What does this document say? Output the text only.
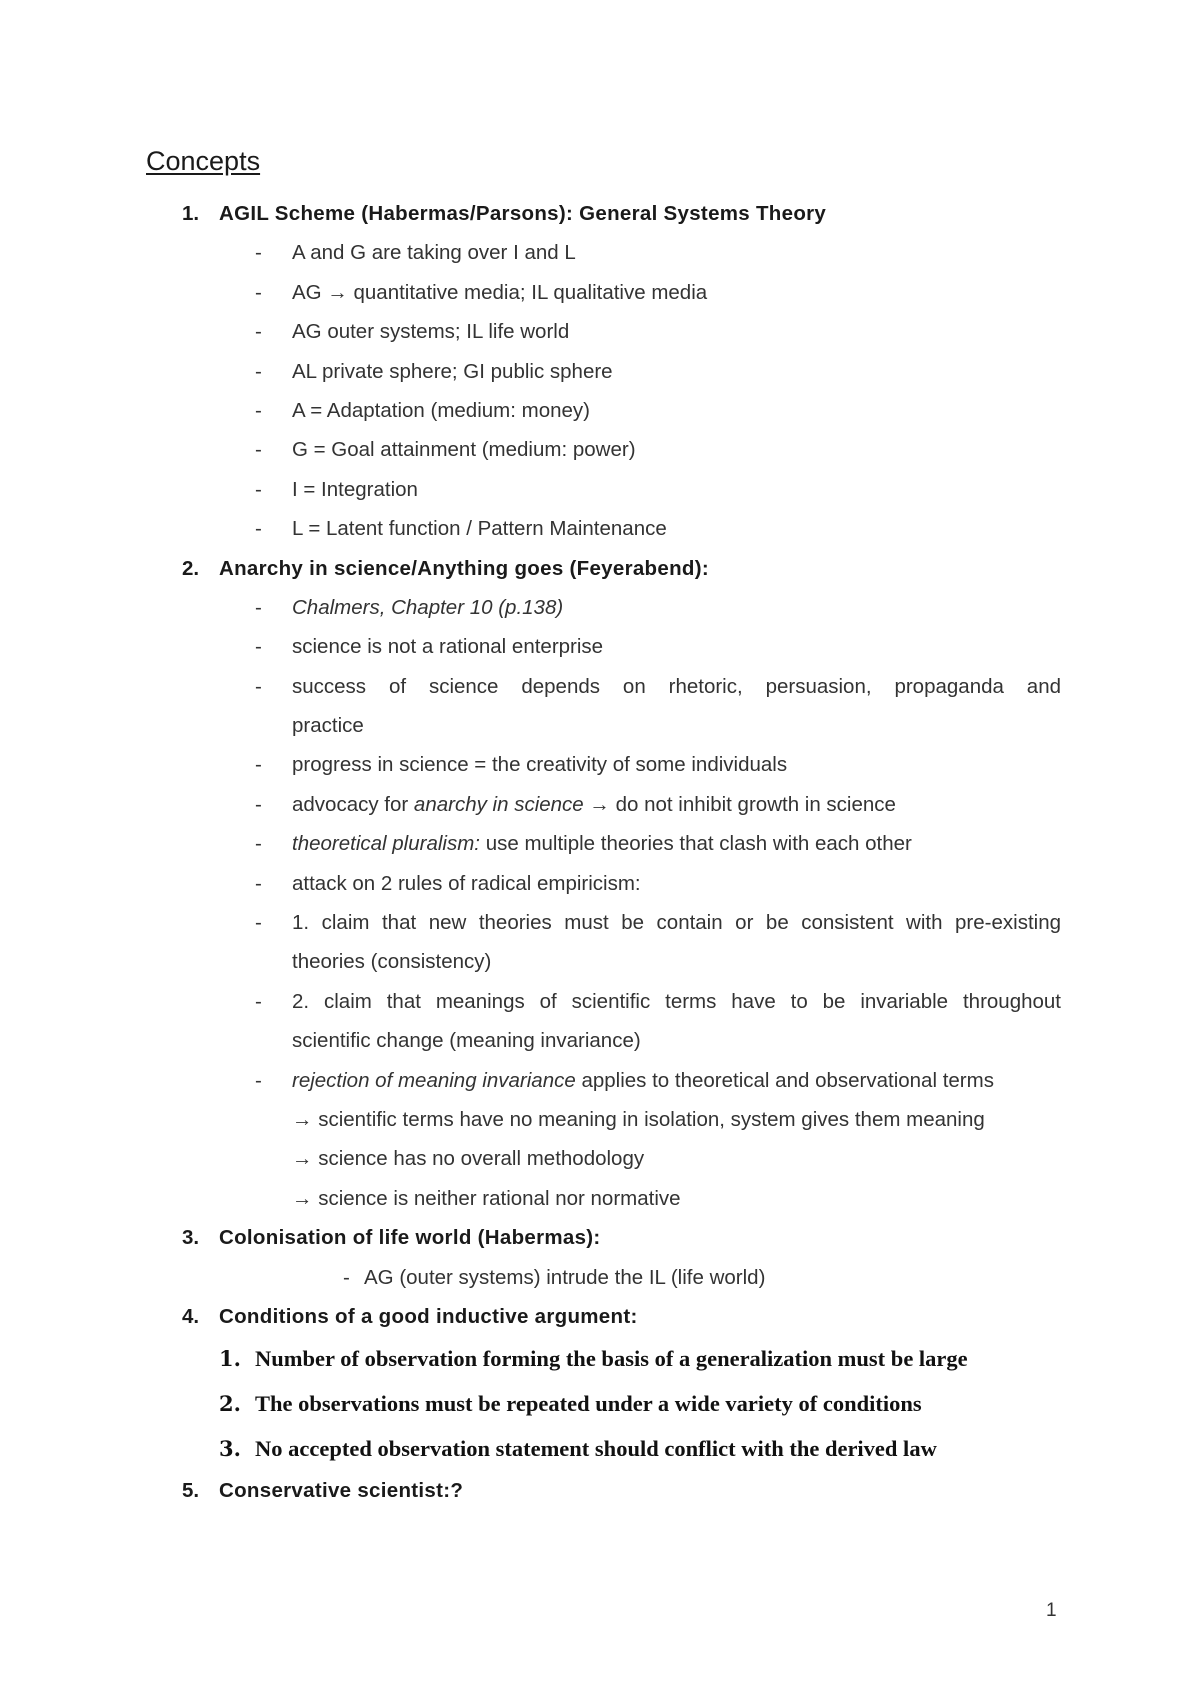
Concepts
1. AGIL Scheme (Habermas/Parsons): General Systems Theory
- A and G are taking over I and L
- AG → quantitative media; IL qualitative media
- AG outer systems; IL life world
- AL private sphere; GI public sphere
- A = Adaptation (medium: money)
- G = Goal attainment (medium: power)
- I = Integration
- L = Latent function / Pattern Maintenance
2. Anarchy in science/Anything goes (Feyerabend):
- Chalmers, Chapter 10 (p.138)
- science is not a rational enterprise
- success of science depends on rhetoric, persuasion, propaganda and
practice
- progress in science = the creativity of some individuals
- advocacy for anarchy in science → do not inhibit growth in science
- theoretical pluralism: use multiple theories that clash with each other
- attack on 2 rules of radical empiricism:
- 1. claim that new theories must be contain or be consistent with pre-existing
theories (consistency)
- 2. claim that meanings of scientific terms have to be invariable throughout
scientific change (meaning invariance)
- rejection of meaning invariance applies to theoretical and observational terms
→ scientific terms have no meaning in isolation, system gives them meaning
→ science has no overall methodology
→ science is neither rational nor normative
3. Colonisation of life world (Habermas):
- AG (outer systems) intrude the IL (life world)
4. Conditions of a good inductive argument:
1. Number of observation forming the basis of a generalization must be large
2. The observations must be repeated under a wide variety of conditions
3. No accepted observation statement should conflict with the derived law
5. Conservative scientist:?
1
